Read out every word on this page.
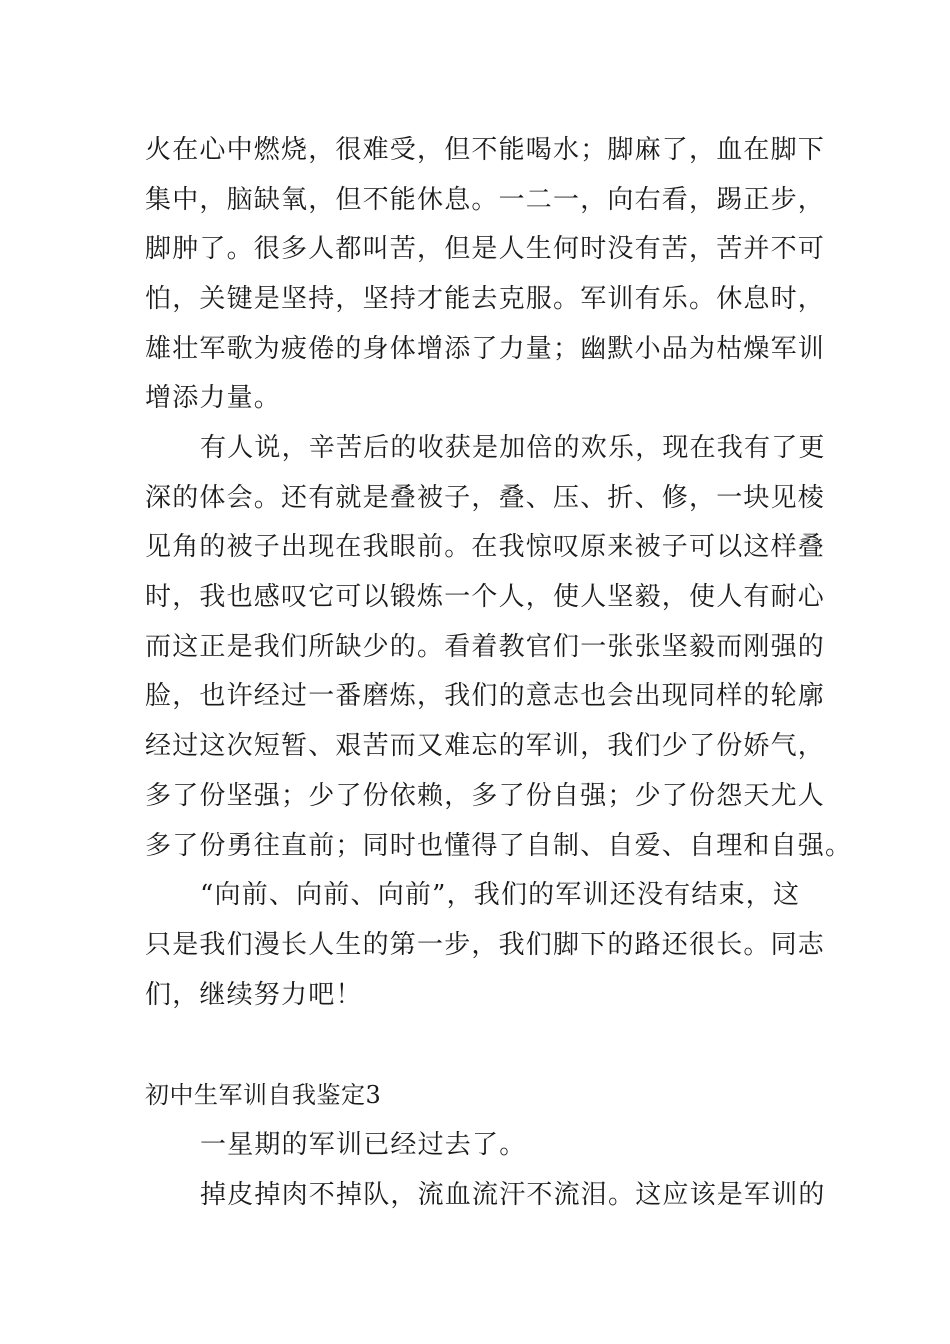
火在心中燃烧，很难受，但不能喝水；脚麻了，血在脚下
集中，脑缺氧，但不能休息。一二一，向右看，踢正步，
脚肿了。很多人都叫苦，但是人生何时没有苦，苦并不可
怕，关键是坚持，坚持才能去克服。军训有乐。休息时，
雄壮军歌为疲倦的身体增添了力量；幽默小品为枯燥军训
增添力量。
有人说，辛苦后的收获是加倍的欢乐，现在我有了更
深的体会。还有就是叠被子，叠、压、折、修，一块见棱
见角的被子出现在我眼前。在我惊叹原来被子可以这样叠
时，我也感叹它可以锻炼一个人，使人坚毅，使人有耐心
而这正是我们所缺少的。看着教官们一张张坚毅而刚强的
脸，也许经过一番磨炼，我们的意志也会出现同样的轮廓
经过这次短暂、艰苦而又难忘的军训，我们少了份娇气，
多了份坚强；少了份依赖，多了份自强；少了份怨天尤人
多了份勇往直前；同时也懂得了自制、自爱、自理和自强。
“向前、向前、向前”，我们的军训还没有结束，这
只是我们漫长人生的第一步，我们脚下的路还很长。同志
们，继续努力吧！
初中生军训自我鉴定3
一星期的军训已经过去了。
掉皮掉肉不掉队，流血流汗不流泪。这应该是军训的
